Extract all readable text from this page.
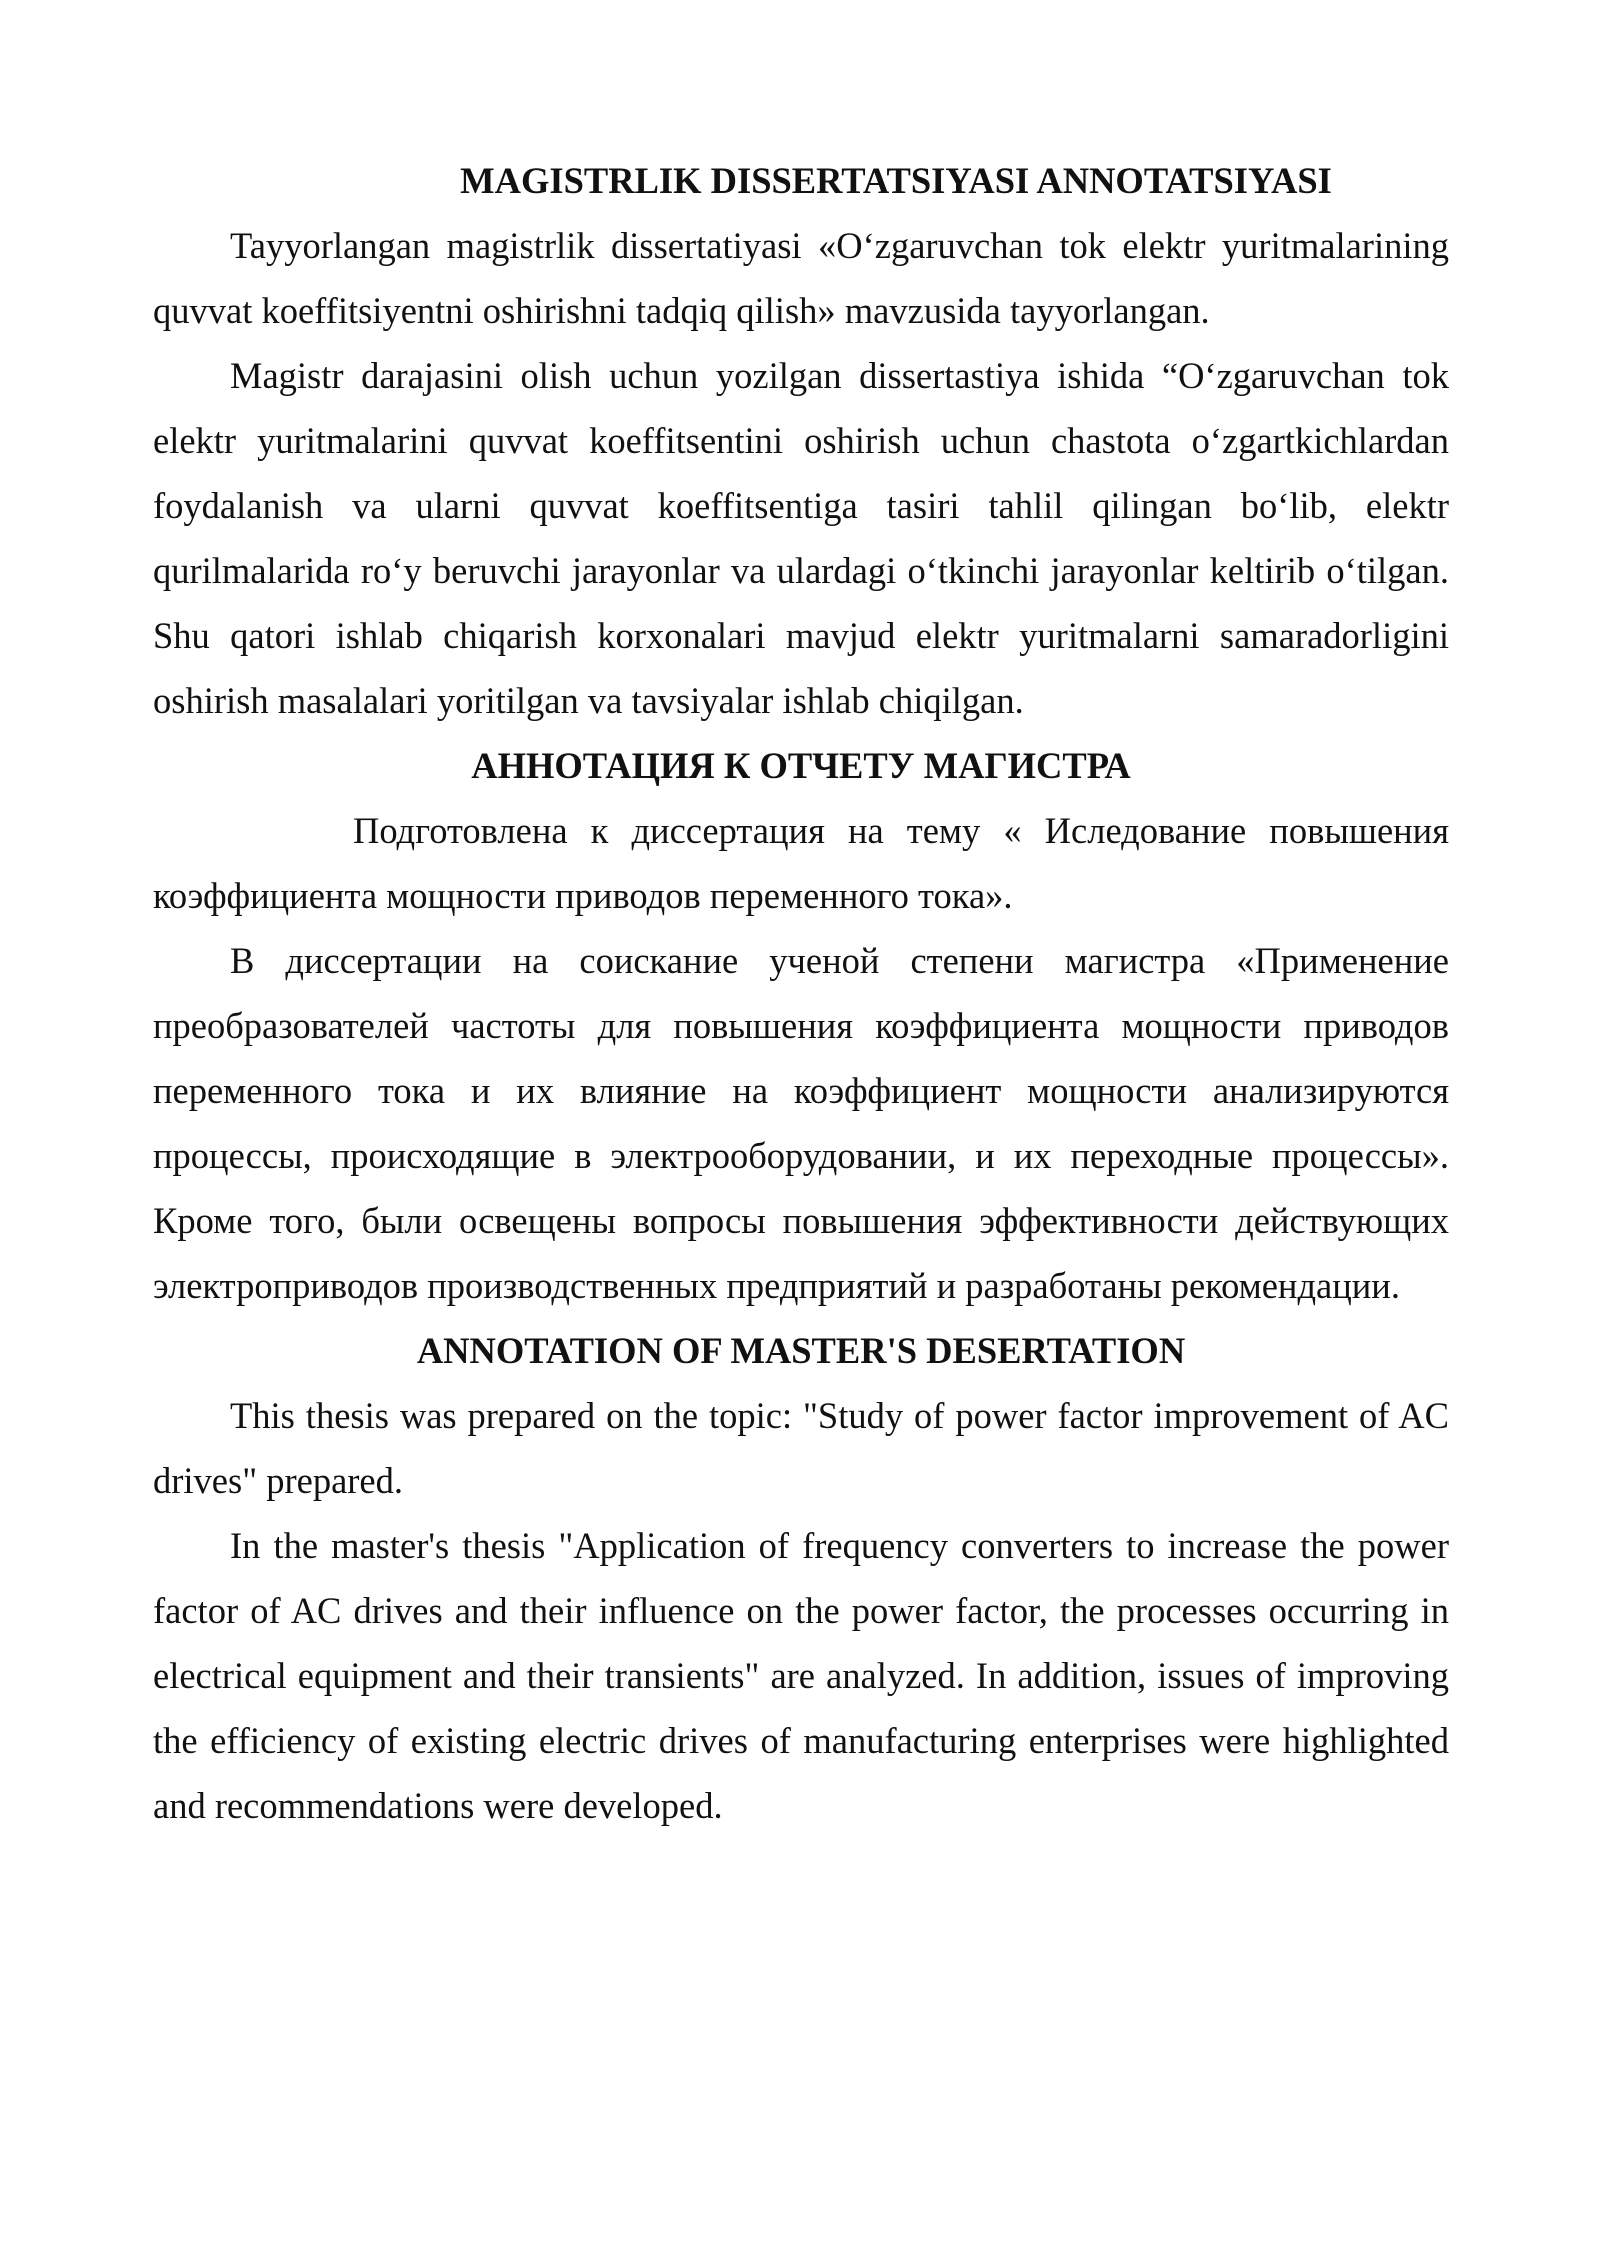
MAGISTRLIK DISSERTATSIYASI ANNOTATSIYASI

Tayyorlangan magistrlik dissertatiyasi «O‘zgaruvchan tok elektr yuritmalarining quvvat koeffitsiyentni oshirishni tadqiq qilish» mavzusida tayyorlangan.

Magistr darajasini olish uchun yozilgan dissertastiya ishida “O‘zgaruvchan tok elektr yuritmalarini quvvat koeffitsentini oshirish uchun chastota o‘zgartkichlardan foydalanish va ularni quvvat koeffitsentiga tasiri tahlil qilingan bo‘lib, elektr qurilmalarida ro‘y beruvchi jarayonlar va ulardagi o‘tkinchi jarayonlar keltirib o‘tilgan. Shu qatori ishlab chiqarish korxonalari mavjud elektr yuritmalarni samaradorligini oshirish masalalari yoritilgan va tavsiyalar ishlab chiqilgan.

АННОТАЦИЯ К ОТЧЕТУ МАГИСТРА

Подготовлена к диссертация на тему « Иследование повышения коэффициента мощности приводов переменного тока».

В диссертации на соискание ученой степени магистра «Применение преобразователей частоты для повышения коэффициента мощности приводов переменного тока и их влияние на коэффициент мощности анализируются процессы, происходящие в электрооборудовании, и их переходные процессы». Кроме того, были освещены вопросы повышения эффективности действующих электроприводов производственных предприятий и разработаны рекомендации.

ANNOTATION OF MASTER'S DESERTATION

This thesis was prepared on the topic: "Study of power factor improvement of AC drives" prepared.

In the master's thesis "Application of frequency converters to increase the power factor of AC drives and their influence on the power factor, the processes occurring in electrical equipment and their transients" are analyzed. In addition, issues of improving the efficiency of existing electric drives of manufacturing enterprises were highlighted and recommendations were developed.
